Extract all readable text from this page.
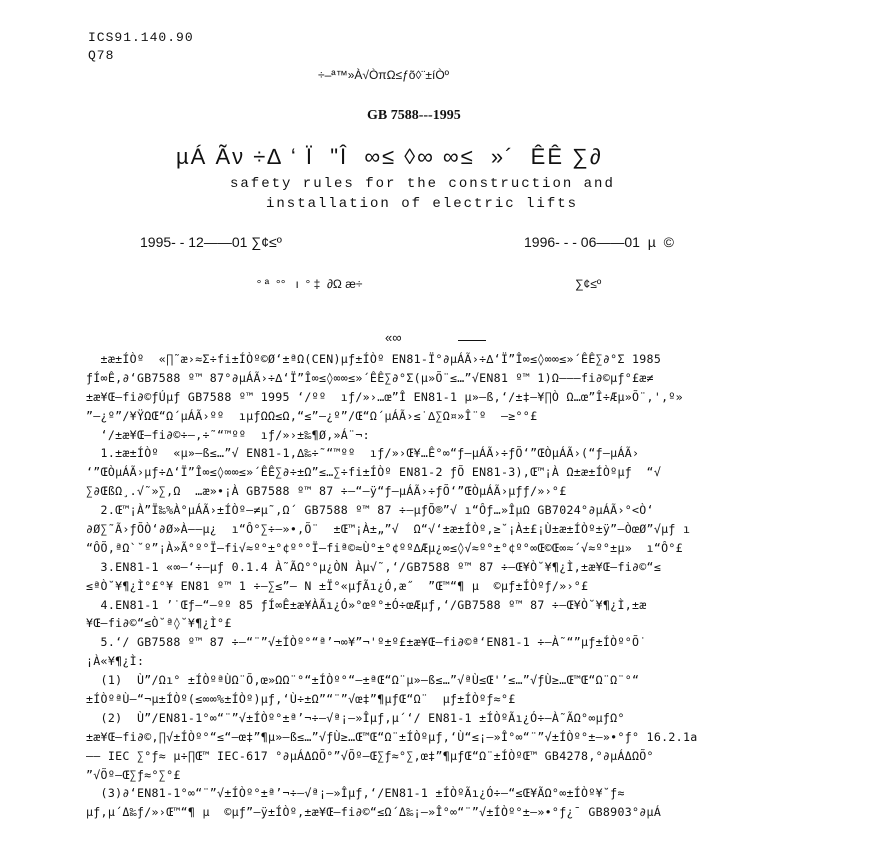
ICS91.140.90
Q78
÷–ª™»À√ÒπΩ≤ƒõ◊¨±íÒº
GB 7588---1995
µÁ Ãν ÷∆ ‘ Ï  "Î  ∞≤ ◊∞ ∞≤  »´  ÊÊ ∑∂
safety rules for the construction and
installation of electric lifts
1995- - 12——01 ∑¢≤º	1996- - - 06——01  µ  ©
° ª  °°   ı  ° ‡  ∂Ω æ÷	∑¢≤º
«∞
±æ±ÍÒº  «∏˜æ›≈Σ÷fi±ÍÒº©Ø‘±ªΩ(CEN)µƒ±ÍÒº EN81-Ï°∂µÁÃ›÷∆‘Ï”Î∞≤◊∞∞≤»´ÊÊ∑∂°Σ 1985
ƒÍ∞Ê,∂‘GB7588 º™ 87°∂µÁÃ›÷∆‘Ï”Î∞≤◊∞∞≤»´ÊÊ∑∂°Σ(µ»Õ¨≤…”√EN81 º™ 1)Ω–––fi∂©µƒ°£æ≠
±æ¥Œ–fi∂©ƒÚµƒ GB7588 º™ 1995 ‘∕ºº  ıƒ∕»›…œ”Î EN81-1 µ»–ß,‘∕±‡–¥∏Ò Ω…œ”Î÷Æµ»Õ¨,',º»
”–¿º”∕¥ŸΩŒ“Ω´µÁÃ›ºº  ıµƒΩΩ≤Ω,“≤”–¿º”∕Œ“Ω´µÁÃ›≤˙∆∑Ω¤»Î¨º  –≥°°£
‘∕±æ¥Œ–fi∂©÷–,÷˜“™ºº  ıƒ∕»›±‰¶Ø‚»Á¨¬:
1.±æ±ÍÒº  «µ»–ß≤…”√ EN81-1,∆‰÷˜“™ºº  ıƒ∕»›Œ¥…Ê°∞“ƒ–µÁÃ›÷ƒÕ‘”ŒÒµÁÃ›(“ƒ–µÁÃ›
‘”ŒÒµÁÃ›µƒ÷∆‘Ï”Î∞≤◊∞∞≤»´ÊÊ∑∂÷±Ω”≤…∑÷fi±ÍÒº EN81-2 ƒÕ EN81-3),Œ™¡À Ω±æ±ÍÒºµƒ  “√
∑∂ŒßΩ¸.√˜»∑,Ω  …æ»•¡À GB7588 º™ 87 ÷–“–ÿ“ƒ–µÁÃ›÷ƒÕ‘”ŒÒµÁÃ›µƒƒ∕»›°£
2.Œ™¡À”Ï‰%À°µÁÃ›±ÍÒº–≠µ˜,Ω´ GB7588 º™ 87 ÷–µƒÕ®”√ ı“Ôƒ…»ÎµΩ GB7024°∂µÁÃ›°<Ò‘
∂Ø∑˜Ã›ƒÕÒ‘∂Ø»À––µ¿  ı“Ô°∑÷–»•,Õ¨  ±Œ™¡À±„”√  Ω“√‘±æ±ÍÒº,≥˘¡À±£¡Ù±æ±ÍÒº±ÿ”–ÒœØ”√µƒ ı
“ÔÕ,ªΩ`˘º”¡À»Ã°º°Ï–fi√≈º°±°¢º°°Ï–fiª©≈Ù°±°¢ºº∆Æµ¿∞≤◊√≈º°±°¢º°∞Œ©Œ∞≈´√≈º°±µ»  ı“Ô°£
3.EN81-1 «∞—‘÷–µƒ 0.1.4 À˜ÃΩ°°µ¿ÒN Àµ√˜,‘∕GB7588 º™ 87 ÷–Œ¥Ò˘¥¶¿Ì,±æ¥Œ–fi∂©“≤
≤ªÒ˘¥¶¿Ì°£°¥ EN81 º™ 1 ÷–∑≤”– N ±Ï°«µƒÃı¿Ó,æ˝  ”Œ™“¶ µ  ©µƒ±ÍÒºƒ∕»›°£
4.EN81-1 ’˙Œƒ–“–ºº 85 ƒÍ∞Ê±æ¥ÀÃı¿Ó»°œº°±Ó÷œÆµƒ,‘∕GB7588 º™ 87 ÷–Œ¥Ò˘¥¶¿Ì,±æ
¥Œ–fi∂©“≤Ò˘ª◊˘¥¶¿Ì°£
5.‘∕ GB7588 º™ 87 ÷–“¨”√±ÍÒº°“ª’¬∞¥”¬'º±º£±æ¥Œ–fi∂©ª‘EN81-1 ÷–À˜“”µƒ±ÍÒº°Õ˙
¡À«¥¶¿Ì:
(1)  Ù”∕Ωı° ±ÍÒºªÙΩ¨Õ,œ»ΩΩ¨°“±ÍÒº°“–±ªŒ“Ω¨µ»–ß≤…”√ªÙ≤Œ'’≤…”√ƒÙ≥…Œ™Œ“Ω¨Ω¨°“
±ÍÒºªÙ–“¬µ±ÍÒº(≤∞∞%±ÍÒº)µƒ,‘Ù÷±Ω”“¨”√œ‡”¶µƒŒ“Ω¨  µƒ±ÍÒºƒ≈°£
(2)  Ù”∕EN81-1°∞“¨”√±ÍÒº°±ª’¬÷–√ª¡–»Îµƒ,µ´‘∕ EN81-1 ±ÍÒºÃı¿Ó÷–À˜ÃΩ°∞µƒΩ°
±æ¥Œ–fi∂©,∏√±ÍÒº°“≤“–œ‡”¶µ»–ß≤…”√ƒÙ≥…Œ™Œ“Ω¨±ÍÒºµƒ,‘Ù“≤¡–»Î°∞“¨”√±ÍÒº°±–»•°ƒ° 16.2.1a
–– IEC ∑°ƒ≈ µ÷∏Œ™ IEC-617 °∂µÁΔΩÕ°”√Õº–Œ∑ƒ≈°∑,œ‡”¶µƒŒ“Ω¨±ÍÒºŒ™ GB4278,°∂µÁΔΩÕ°
”√Õº–Œ∑ƒ≈°∑°£
(3)∂‘EN81-1°∞“¨”√±ÍÒº°±ª’¬÷–√ª¡–»Îµƒ,‘∕EN81-1 ±ÍÒºÃı¿Ó÷–“≤Œ¥ÃΩ°∞±ÍÒº¥˘ƒ≈
µƒ,µ´Δ‰ƒ∕»›Œ™“¶ µ  ©µƒ”–ÿ±ÍÒº,±æ¥Œ–fi∂©“≤Ω´Δ‰¡–»Î°∞“¨”√±ÍÒº°±–»•°ƒ¿¯ GB8903°∂µÁ
